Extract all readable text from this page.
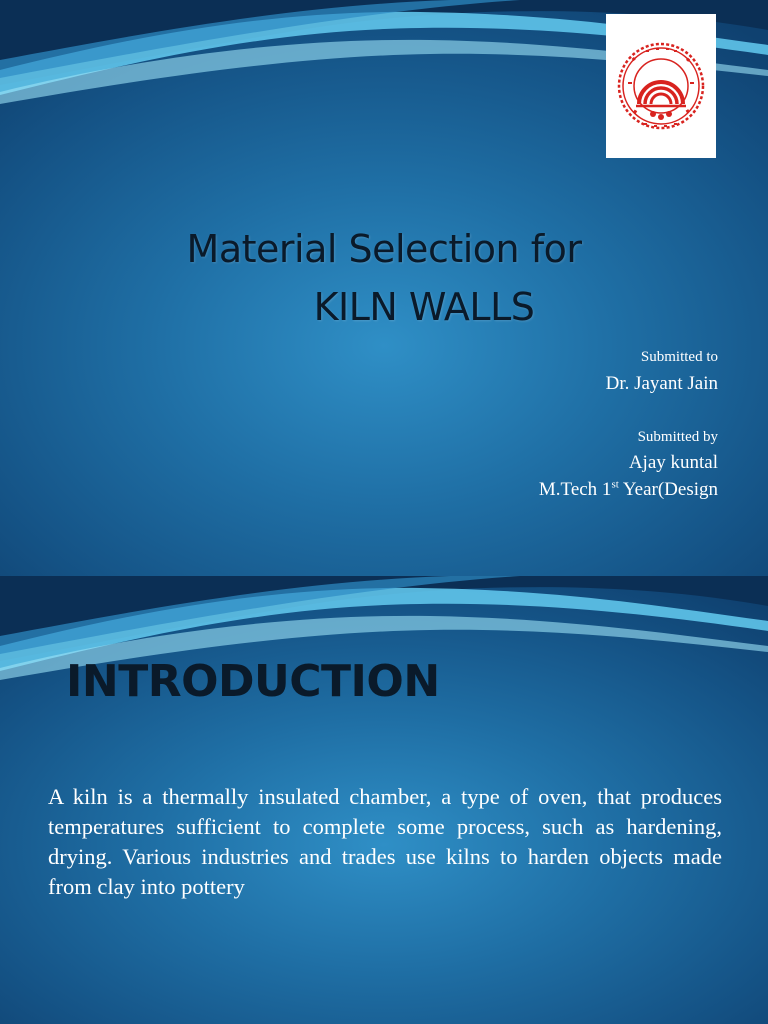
Material Selection for
KILN WALLS
Submitted to
Dr. Jayant Jain
Submitted by
Ajay kuntal
M.Tech 1st Year(Design
INTRODUCTION
A kiln is a thermally insulated chamber, a type of oven, that produces temperatures sufficient to complete some process, such as hardening, drying. Various industries and trades use kilns to harden objects made from clay into pottery
